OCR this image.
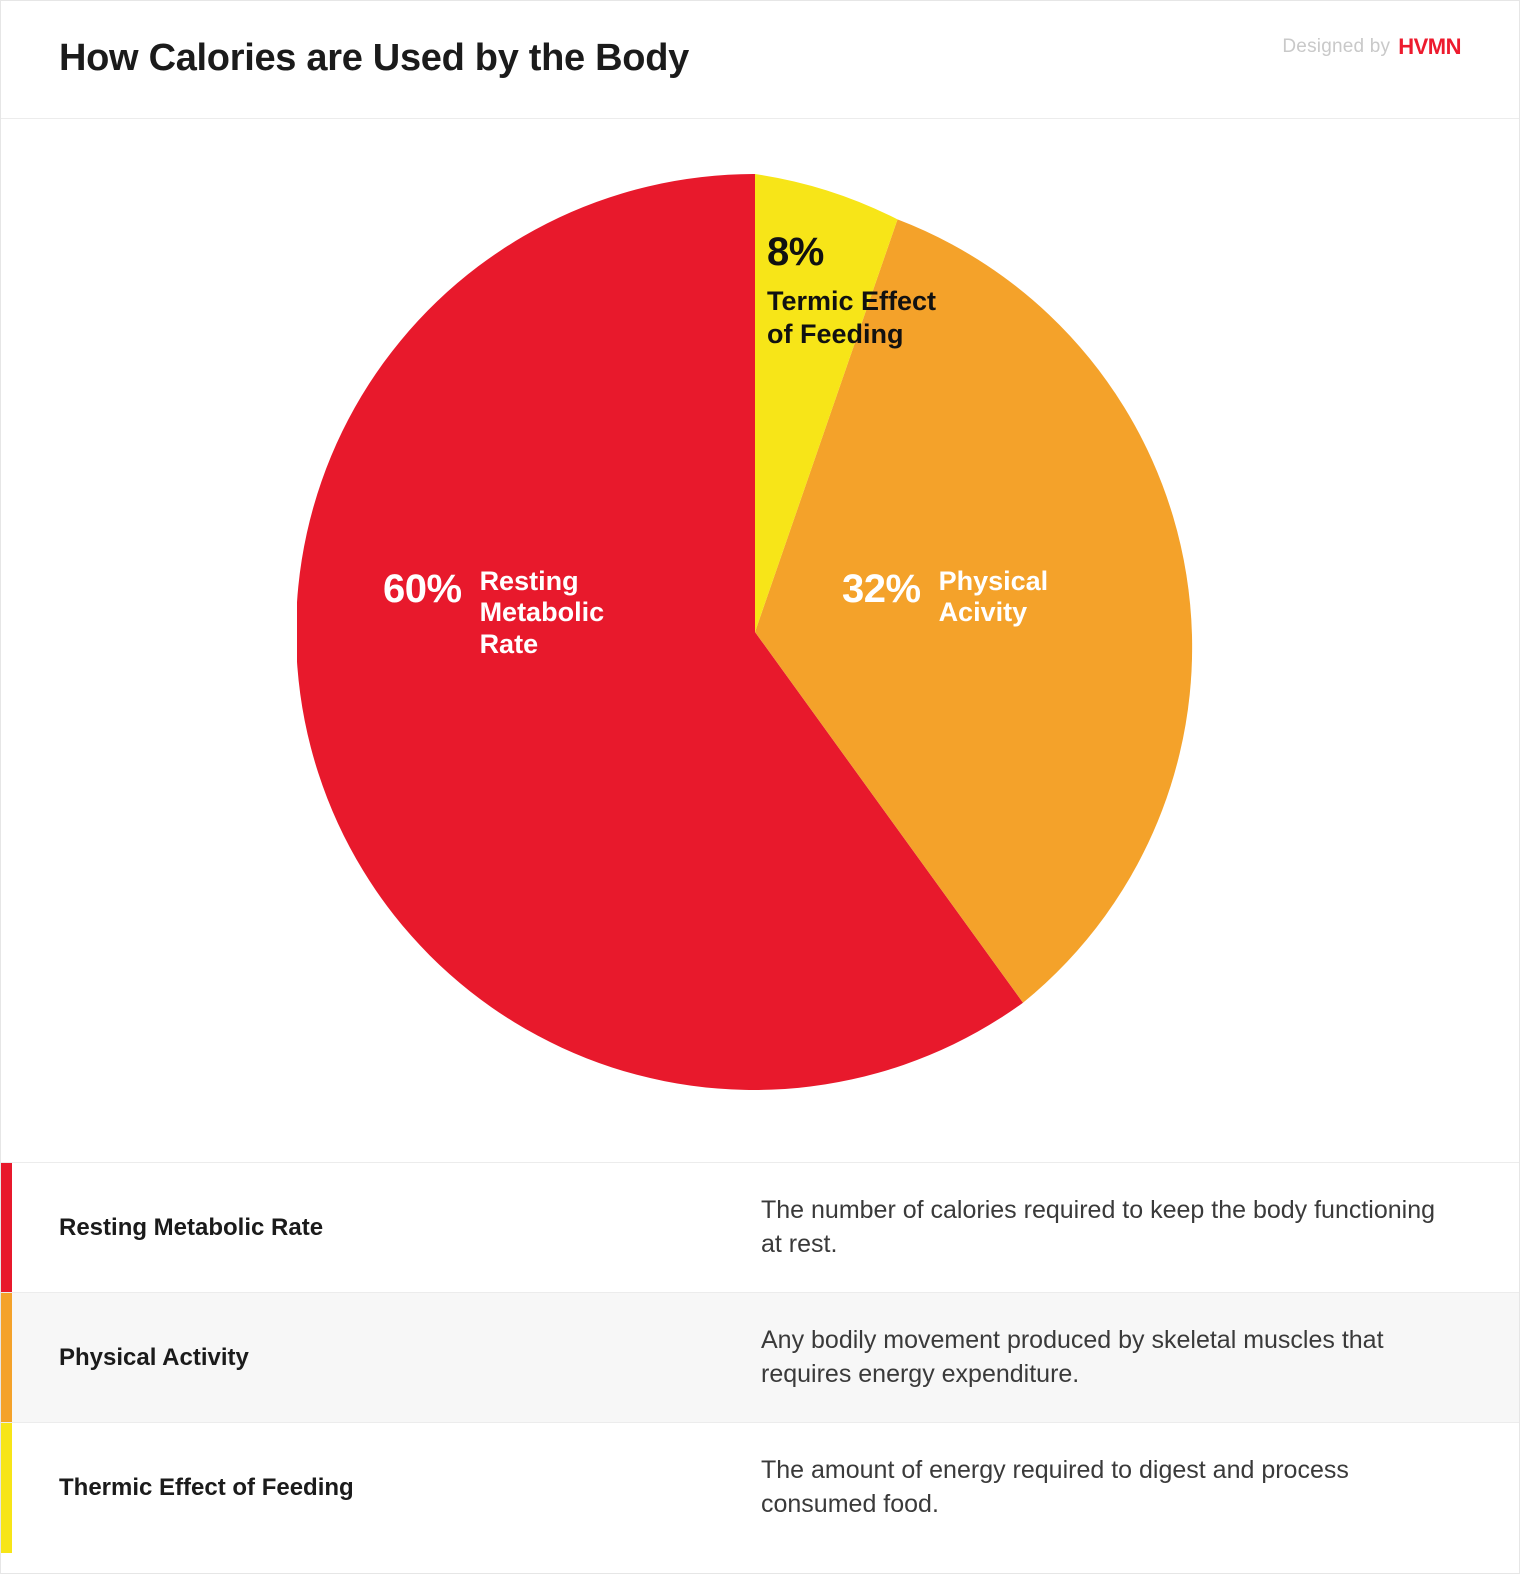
How Calories are Used by the Body	Designed by HVMN
60% Resting Metabolic Rate
32% Physical Acivity
8%
Termic Effect of Feeding
Resting Metabolic Rate
The number of calories required to keep the body functioning at rest.
Physical Activity
Any bodily movement produced by skeletal muscles that requires energy expenditure.
Thermic Effect of Feeding
The amount of energy required to digest and process consumed food.
